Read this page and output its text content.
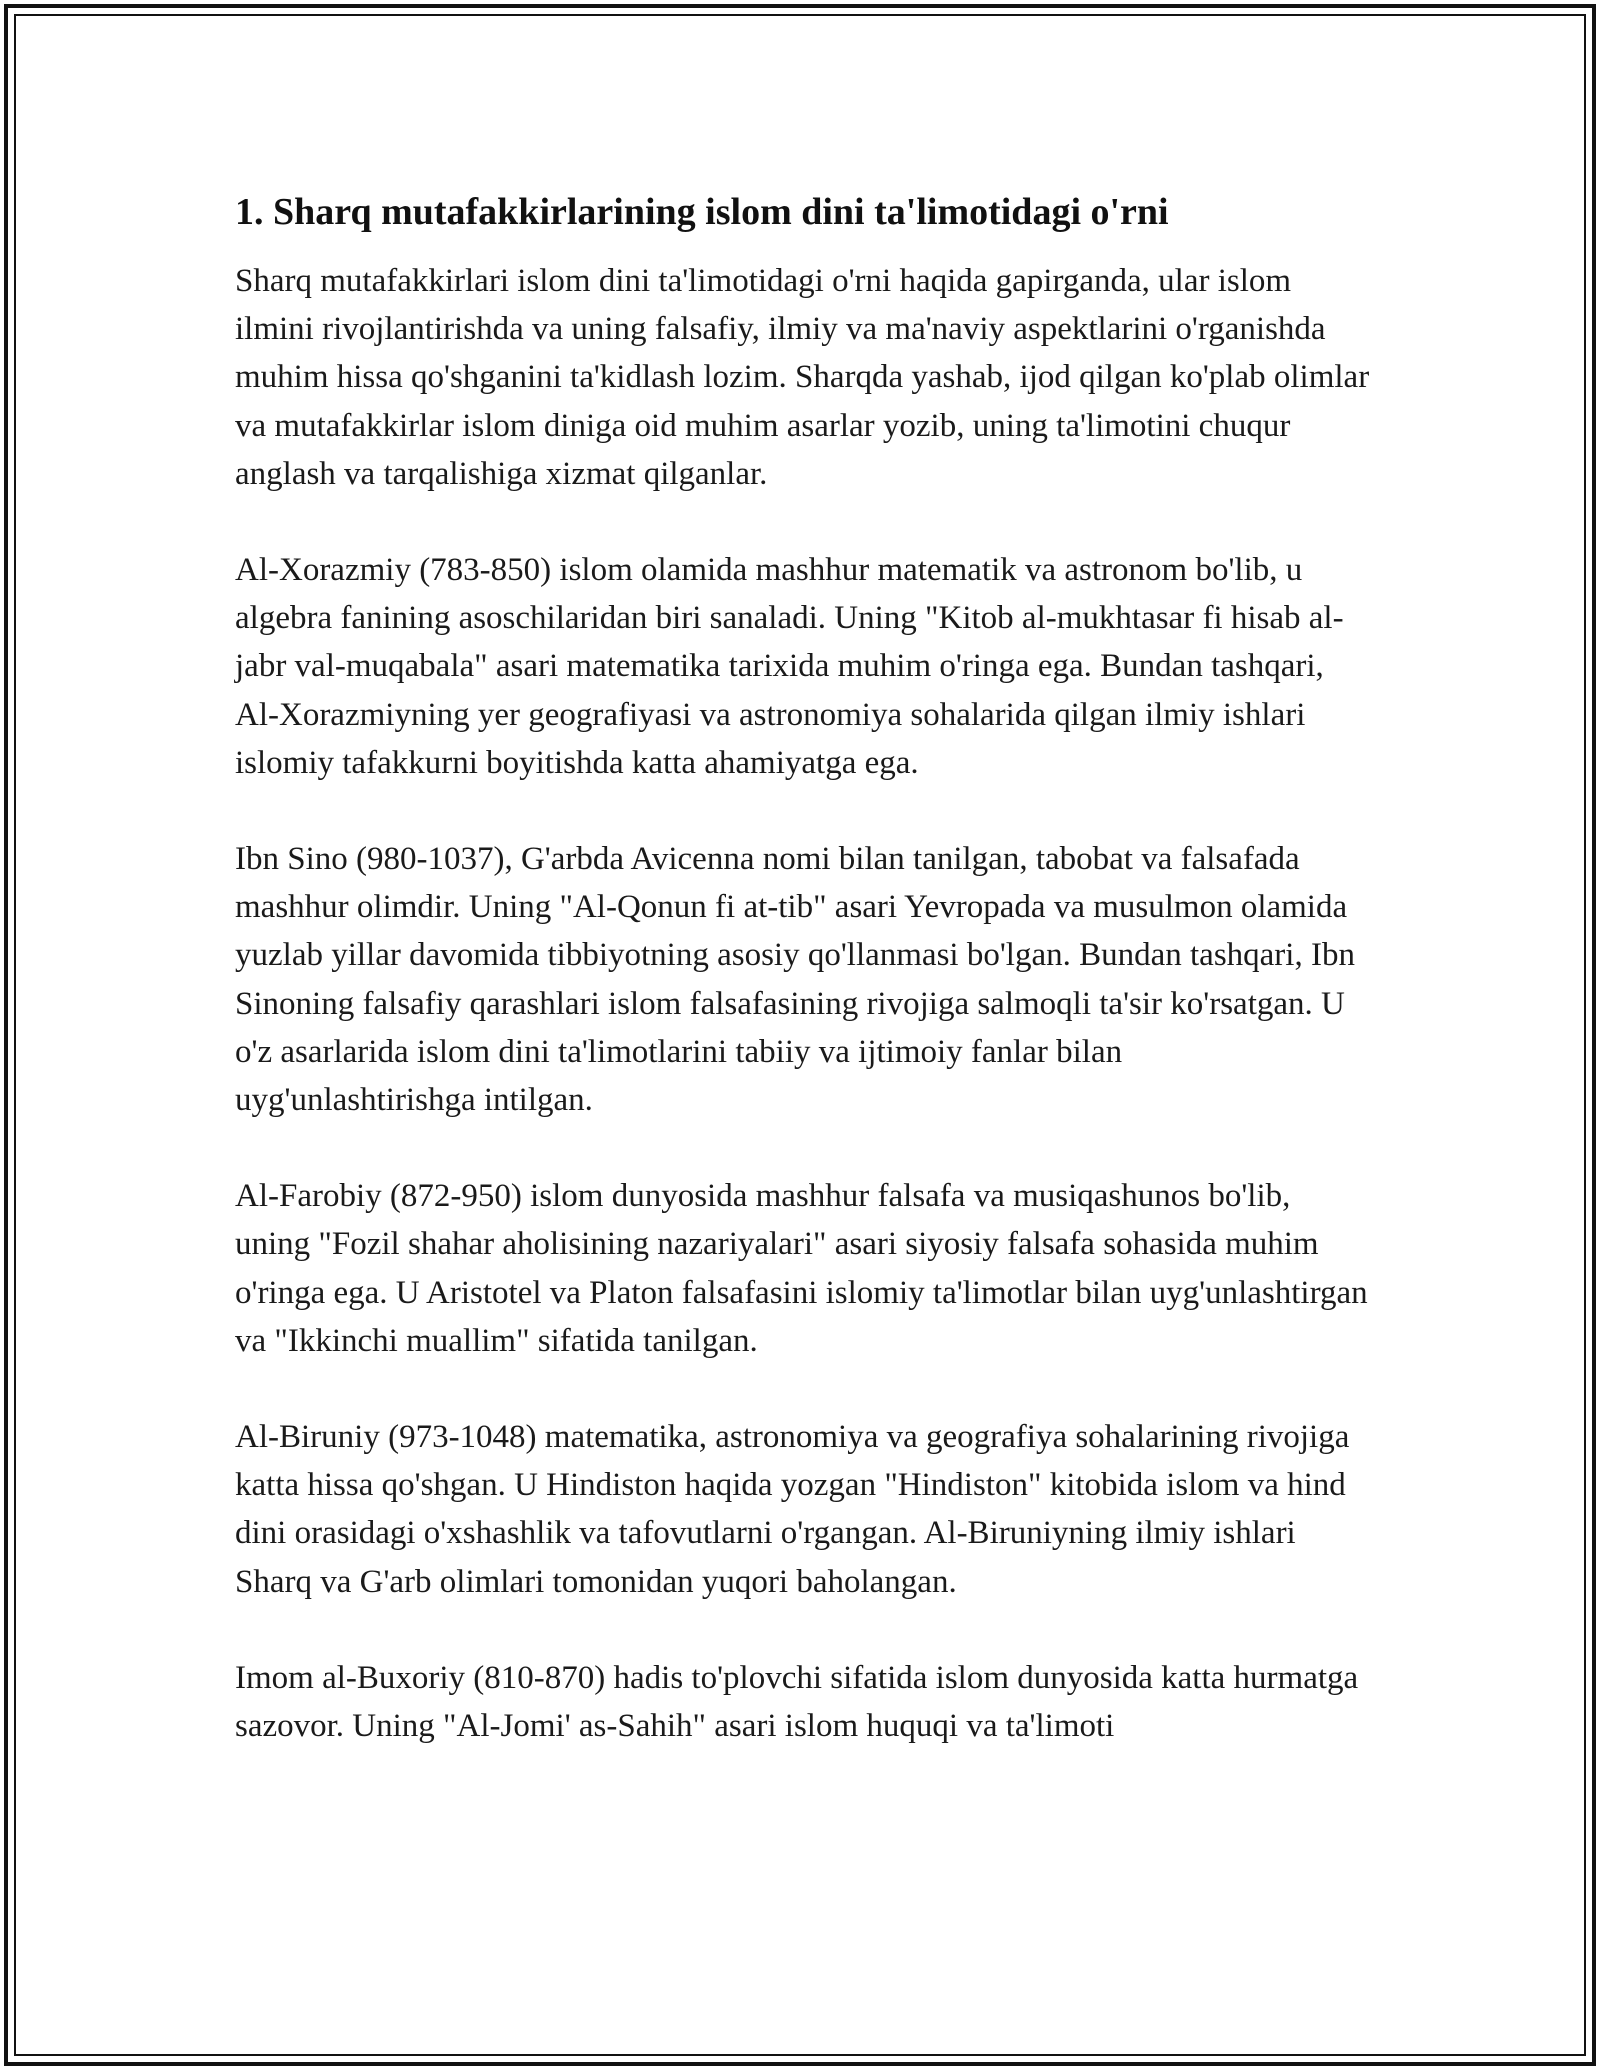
1. Sharq mutafakkirlarining islom dini ta'limotidagi o'rni

Sharq mutafakkirlari islom dini ta'limotidagi o'rni haqida gapirganda, ular islom ilmini rivojlantirishda va uning falsafiy, ilmiy va ma'naviy aspektlarini o'rganishda muhim hissa qo'shganini ta'kidlash lozim. Sharqda yashab, ijod qilgan ko'plab olimlar va mutafakkirlar islom diniga oid muhim asarlar yozib, uning ta'limotini chuqur anglash va tarqalishiga xizmat qilganlar.

Al-Xorazmiy (783-850) islom olamida mashhur matematik va astronom bo'lib, u algebra fanining asoschilaridan biri sanaladi. Uning "Kitob al-mukhtasar fi hisab al-jabr val-muqabala" asari matematika tarixida muhim o'ringa ega. Bundan tashqari, Al-Xorazmiyning yer geografiyasi va astronomiya sohalarida qilgan ilmiy ishlari islomiy tafakkurni boyitishda katta ahamiyatga ega.

Ibn Sino (980-1037), G'arbda Avicenna nomi bilan tanilgan, tabobat va falsafada mashhur olimdir. Uning "Al-Qonun fi at-tib" asari Yevropada va musulmon olamida yuzlab yillar davomida tibbiyotning asosiy qo'llanmasi bo'lgan. Bundan tashqari, Ibn Sinoning falsafiy qarashlari islom falsafasining rivojiga salmoqli ta'sir ko'rsatgan. U o'z asarlarida islom dini ta'limotlarini tabiiy va ijtimoiy fanlar bilan uyg'unlashtirishga intilgan.

Al-Farobiy (872-950) islom dunyosida mashhur falsafa va musiqashunos bo'lib, uning "Fozil shahar aholisining nazariyalari" asari siyosiy falsafa sohasida muhim o'ringa ega. U Aristotel va Platon falsafasini islomiy ta'limotlar bilan uyg'unlashtirgan va "Ikkinchi muallim" sifatida tanilgan.

Al-Biruniy (973-1048) matematika, astronomiya va geografiya sohalarining rivojiga katta hissa qo'shgan. U Hindiston haqida yozgan "Hindiston" kitobida islom va hind dini orasidagi o'xshashlik va tafovutlarni o'rgangan. Al-Biruniyning ilmiy ishlari Sharq va G'arb olimlari tomonidan yuqori baholangan.

Imom al-Buxoriy (810-870) hadis to'plovchi sifatida islom dunyosida katta hurmatga sazovor. Uning "Al-Jomi' as-Sahih" asari islom huquqi va ta'limoti
